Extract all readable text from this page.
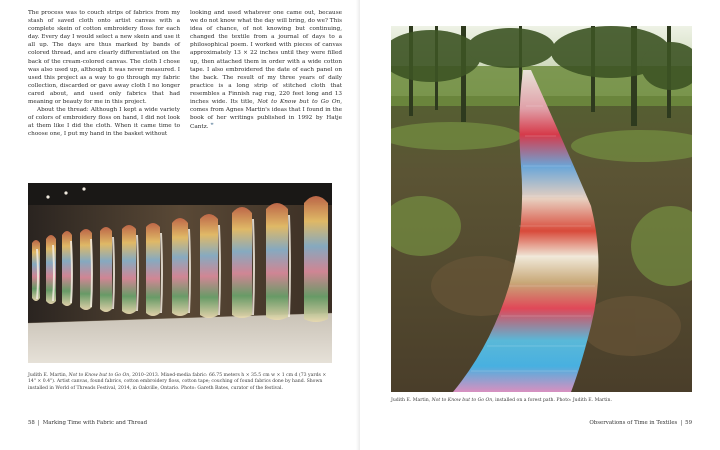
The process was to couch strips of fabrics from my stash of saved cloth onto artist canvas with a complete skein of cotton embroidery floss for each day. Every day I would select a new skein and use it all up. The days are thus marked by bands of colored thread, and are clearly differentiated on the back of the cream-colored canvas. The cloth I chose was also used up, although it was never measured. I used this project as a way to go through my fabric collection, discarded or gave away cloth I no longer cared about, and used only fabrics that had meaning or beauty for me in this project.

About the thread: Although I kept a wide variety of colors of embroidery floss on hand, I did not look at them like I did the cloth. When it came time to choose one, I put my hand in the basket without

looking and used whatever one came out, because we do not know what the day will bring, do we? This idea of chance, of not knowing but continuing, changed the textile from a journal of days to a philosophical poem. I worked with pieces of canvas approximately 13 × 22 inches until they were filled up, then attached them in order with a wide cotton tape. I also embroidered the date of each panel on the back. The result of my three years of daily practice is a long strip of stitched cloth that resembles a Finnish rag rug, 220 feet long and 13 inches wide. Its title, Not to Know but to Go On, comes from Agnes Martin's ideas that I found in the book of her writings published in 1992 by Hatje Cantz. ❜❜

Judith E. Martin, Not to Know but to Go On, 2010–2013. Mixed-media fabric: 66.75 meters h × 35.5 cm w × 1 cm d (73 yards × 14" × 0.4"). Artist canvas, found fabrics, cotton embroidery floss, cotton tape; couching of found fabrics done by hand. Shown installed in World of Threads Festival, 2014, in Oakville, Ontario. Photo: Gareth Bates, curator of the festival.
58 | Marking Time with Fabric and Thread
Judith E. Martin, Not to Know but to Go On, installed on a forest path. Photo: Judith E. Martin.
Observations of Time in Textiles | 59
